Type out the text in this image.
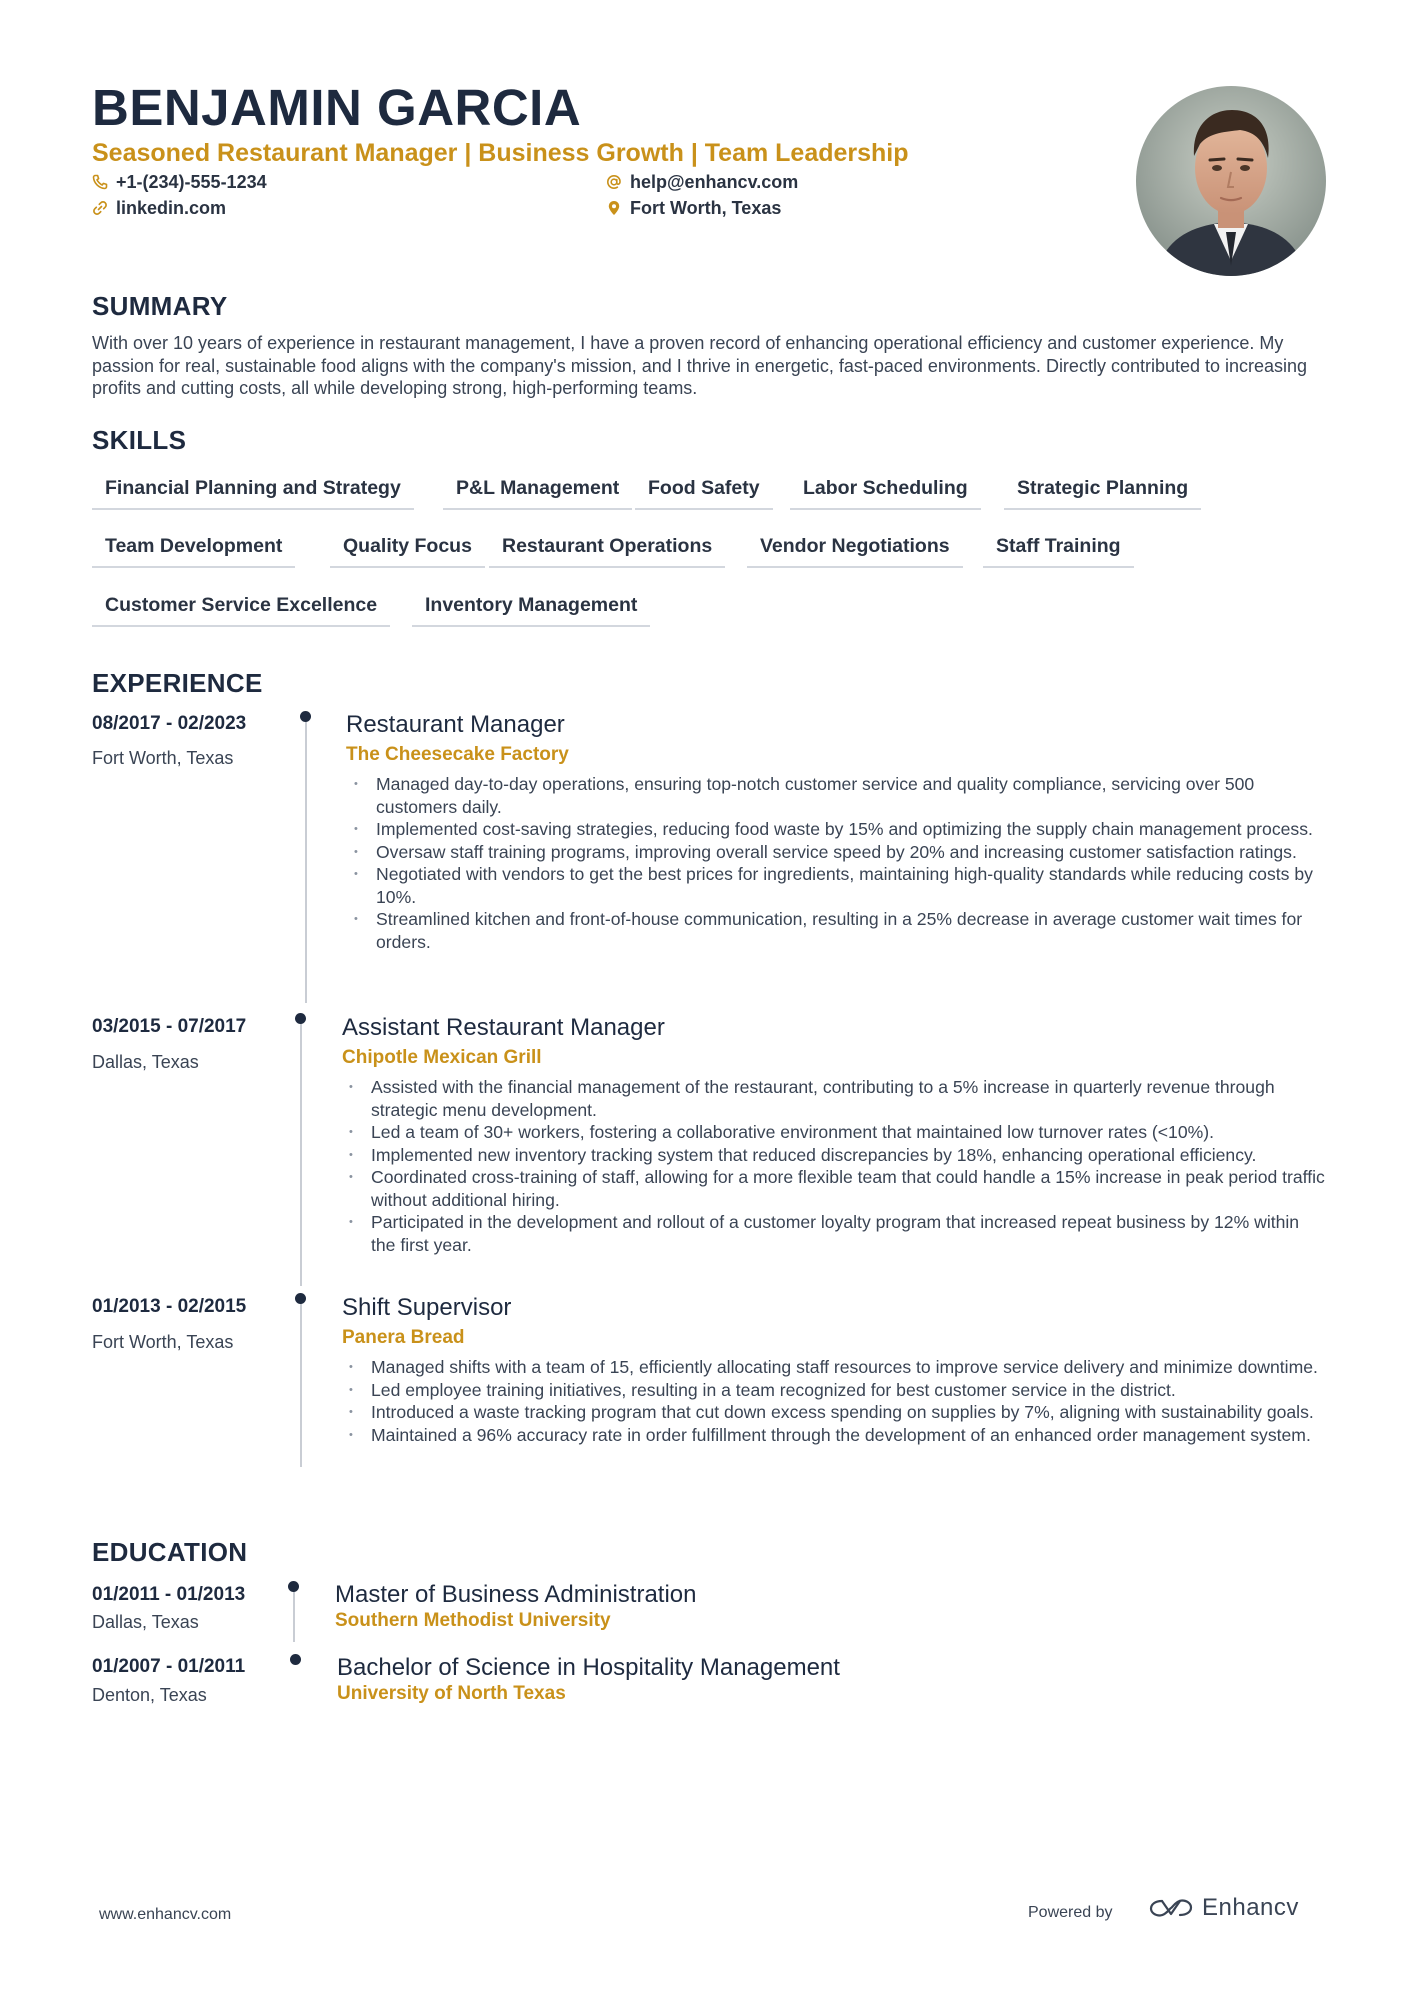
BENJAMIN GARCIA
Seasoned Restaurant Manager | Business Growth | Team Leadership
+1-(234)-555-1234
linkedin.com
help@enhancv.com
Fort Worth, Texas
SUMMARY
With over 10 years of experience in restaurant management, I have a proven record of enhancing operational efficiency and customer experience. My passion for real, sustainable food aligns with the company's mission, and I thrive in energetic, fast-paced environments. Directly contributed to increasing profits and cutting costs, all while developing strong, high-performing teams.
SKILLS
Financial Planning and Strategy	P&L Management	Food Safety	Labor Scheduling	Strategic Planning
Team Development	Quality Focus	Restaurant Operations	Vendor Negotiations	Staff Training
Customer Service Excellence	Inventory Management
EXPERIENCE
08/2017 - 02/2023
Fort Worth, Texas
Restaurant Manager
The Cheesecake Factory
• Managed day-to-day operations, ensuring top-notch customer service and quality compliance, servicing over 500 customers daily.
• Implemented cost-saving strategies, reducing food waste by 15% and optimizing the supply chain management process.
• Oversaw staff training programs, improving overall service speed by 20% and increasing customer satisfaction ratings.
• Negotiated with vendors to get the best prices for ingredients, maintaining high-quality standards while reducing costs by 10%.
• Streamlined kitchen and front-of-house communication, resulting in a 25% decrease in average customer wait times for orders.
03/2015 - 07/2017
Dallas, Texas
Assistant Restaurant Manager
Chipotle Mexican Grill
• Assisted with the financial management of the restaurant, contributing to a 5% increase in quarterly revenue through strategic menu development.
• Led a team of 30+ workers, fostering a collaborative environment that maintained low turnover rates (<10%).
• Implemented new inventory tracking system that reduced discrepancies by 18%, enhancing operational efficiency.
• Coordinated cross-training of staff, allowing for a more flexible team that could handle a 15% increase in peak period traffic without additional hiring.
• Participated in the development and rollout of a customer loyalty program that increased repeat business by 12% within the first year.
01/2013 - 02/2015
Fort Worth, Texas
Shift Supervisor
Panera Bread
• Managed shifts with a team of 15, efficiently allocating staff resources to improve service delivery and minimize downtime.
• Led employee training initiatives, resulting in a team recognized for best customer service in the district.
• Introduced a waste tracking program that cut down excess spending on supplies by 7%, aligning with sustainability goals.
• Maintained a 96% accuracy rate in order fulfillment through the development of an enhanced order management system.
EDUCATION
01/2011 - 01/2013
Dallas, Texas
Master of Business Administration
Southern Methodist University
01/2007 - 01/2011
Denton, Texas
Bachelor of Science in Hospitality Management
University of North Texas
www.enhancv.com	Powered by	Enhancv
